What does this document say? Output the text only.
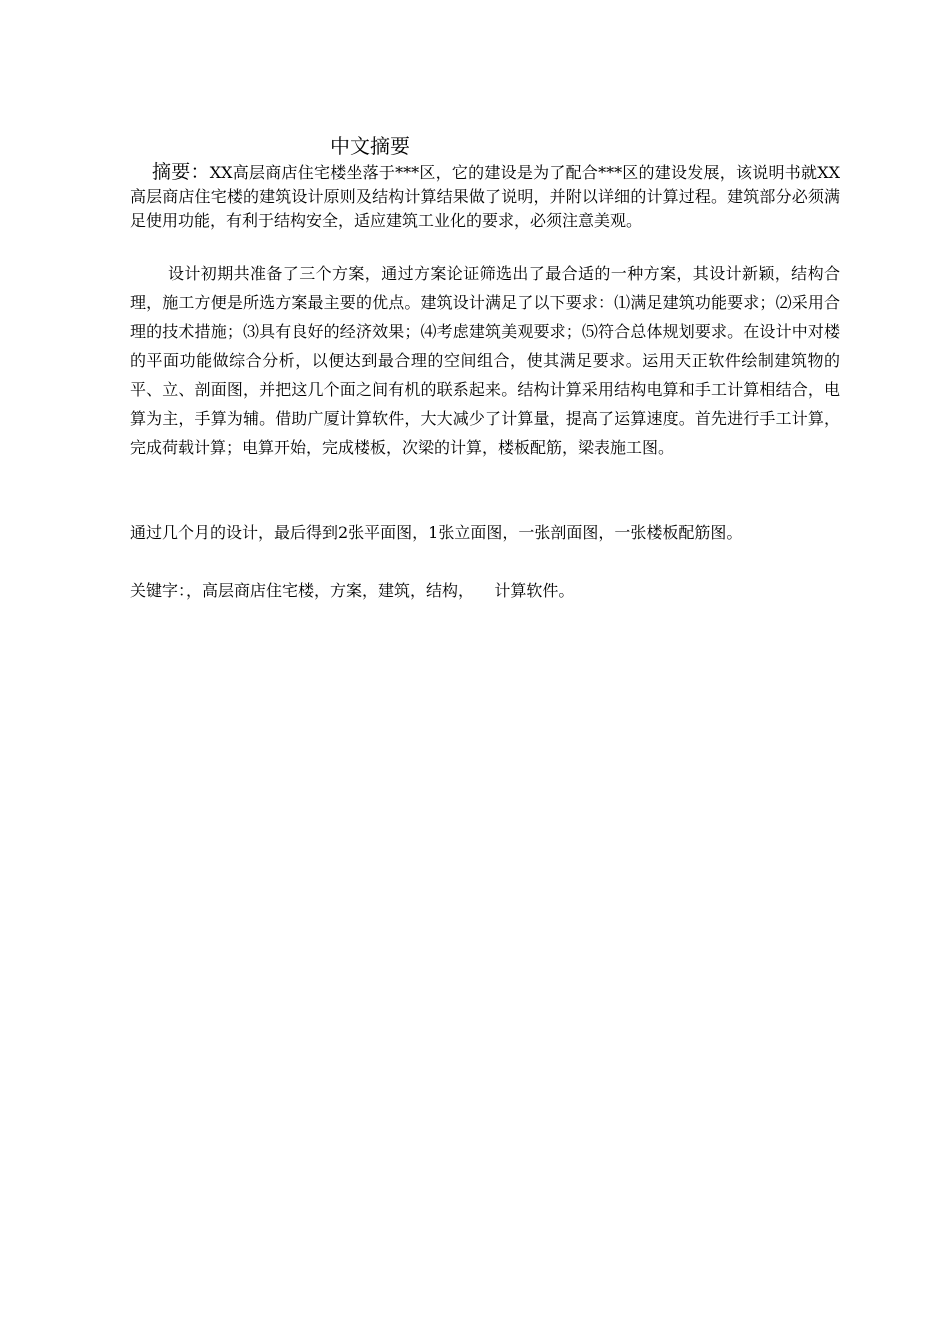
中文摘要
摘要：XX高层商店住宅楼坐落于***区，它的建设是为了配合***区的建设发展，该说明书就XX高层商店住宅楼的建筑设计原则及结构计算结果做了说明，并附以详细的计算过程。建筑部分必须满足使用功能，有利于结构安全，适应建筑工业化的要求，必须注意美观。
设计初期共准备了三个方案，通过方案论证筛选出了最合适的一种方案，其设计新颖，结构合理，施工方便是所选方案最主要的优点。建筑设计满足了以下要求：⑴满足建筑功能要求；⑵采用合理的技术措施；⑶具有良好的经济效果；⑷考虑建筑美观要求；⑸符合总体规划要求。在设计中对楼的平面功能做综合分析，以便达到最合理的空间组合，使其满足要求。运用天正软件绘制建筑物的平、立、剖面图，并把这几个面之间有机的联系起来。结构计算采用结构电算和手工计算相结合，电算为主，手算为辅。借助广厦计算软件，大大减少了计算量，提高了运算速度。首先进行手工计算，完成荷载计算；电算开始，完成楼板，次梁的计算，楼板配筋，梁表施工图。
通过几个月的设计，最后得到2张平面图，1张立面图，一张剖面图，一张楼板配筋图。
关键字：，高层商店住宅楼，方案，建筑，结构，    计算软件。
